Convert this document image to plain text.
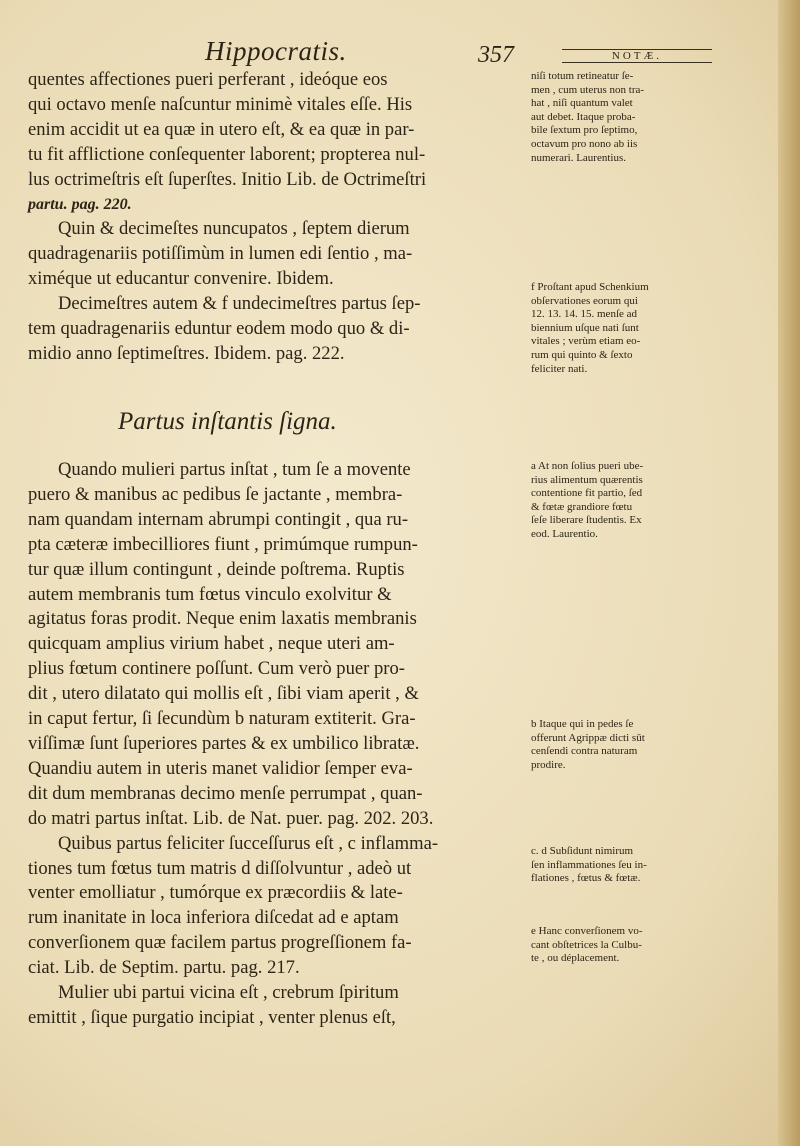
Hippocratis.	357	NOTÆ.

quentes affectiones pueri perferant , ideóque eos
qui octavo menſe naſcuntur minimè vitales eſſe. His
enim accidit ut ea quæ in utero eſt, & ea quæ in par-
tu fit afflictione conſequenter laborent; propterea nul-
lus octrimeſtris eſt ſuperſtes. Initio Lib. de Octrimeſtri
partu. pag. 220.

Quin & decimeſtes nuncupatos , ſeptem dierum
quadragenariis potiſſimùm in lumen edi ſentio , ma-
ximéque ut educantur convenire. Ibidem.

Decimeſtres autem & f undecimeſtres partus ſep-
tem quadragenariis eduntur eodem modo quo & di-
midio anno ſeptimeſtres. Ibidem. pag. 222.

Partus inſtantis ſigna.

Quando mulieri partus inſtat , tum ſe a movente
puero & manibus ac pedibus ſe jactante , membra-
nam quandam internam abrumpi contingit , qua ru-
pta cæteræ imbecilliores fiunt , primúmque rumpun-
tur quæ illum contingunt , deinde poſtrema. Ruptis
autem membranis tum fœtus vinculo exolvitur &
agitatus foras prodit. Neque enim laxatis membranis
quicquam amplius virium habet , neque uteri am-
plius fœtum continere poſſunt. Cum verò puer pro-
dit , utero dilatato qui mollis eſt , ſibi viam aperit , &
in caput fertur, ſi ſecundùm b naturam extiterit. Gra-
viſſimæ ſunt ſuperiores partes & ex umbilico libratæ.
Quandiu autem in uteris manet validior ſemper eva-
dit dum membranas decimo menſe perrumpat , quan-
do matri partus inſtat. Lib. de Nat. puer. pag. 202. 203.

Quibus partus feliciter ſucceſſurus eſt , c inflamma-
tiones tum fœtus tum matris d diſſolvuntur , adeò ut
venter emolliatur , tumórque ex præcordiis & late-
rum inanitate in loca inferiora diſcedat ad e aptam
converſionem quæ facilem partus progreſſionem fa-
ciat. Lib. de Septim. partu. pag. 217.

Mulier ubi partui vicina eſt , crebrum ſpiritum
emittit , ſique purgatio incipiat , venter plenus eſt,

niſi totum retineatur ſe-
men , cum uterus non tra-
hat , niſi quantum valet
aut debet. Itaque proba-
bile ſextum pro ſeptimo,
octavum pro nono ab iis
numerari. Laurentius.
f Proſtant apud Schenkium
obſervationes eorum qui
12. 13. 14. 15. menſe ad
biennium uſque nati ſunt
vitales ; verùm etiam eo-
rum qui quinto & ſexto
feliciter nati.
a At non ſolius pueri ube-
rius alimentum quærentis
contentione fit partio, ſed
& fœtæ grandiore fœtu
ſeſe liberare ſtudentis. Ex
eod. Laurentio.
b Itaque qui in pedes ſe
offerunt Agrippæ dicti sūt
cenſendi contra naturam
prodire.
c. d Subſidunt nimirum
ſen inflammationes ſeu in-
flationes , fœtus & fœtæ.
e Hanc converſionem vo-
cant obſtetrices la Culbu-
te , ou déplacement.
